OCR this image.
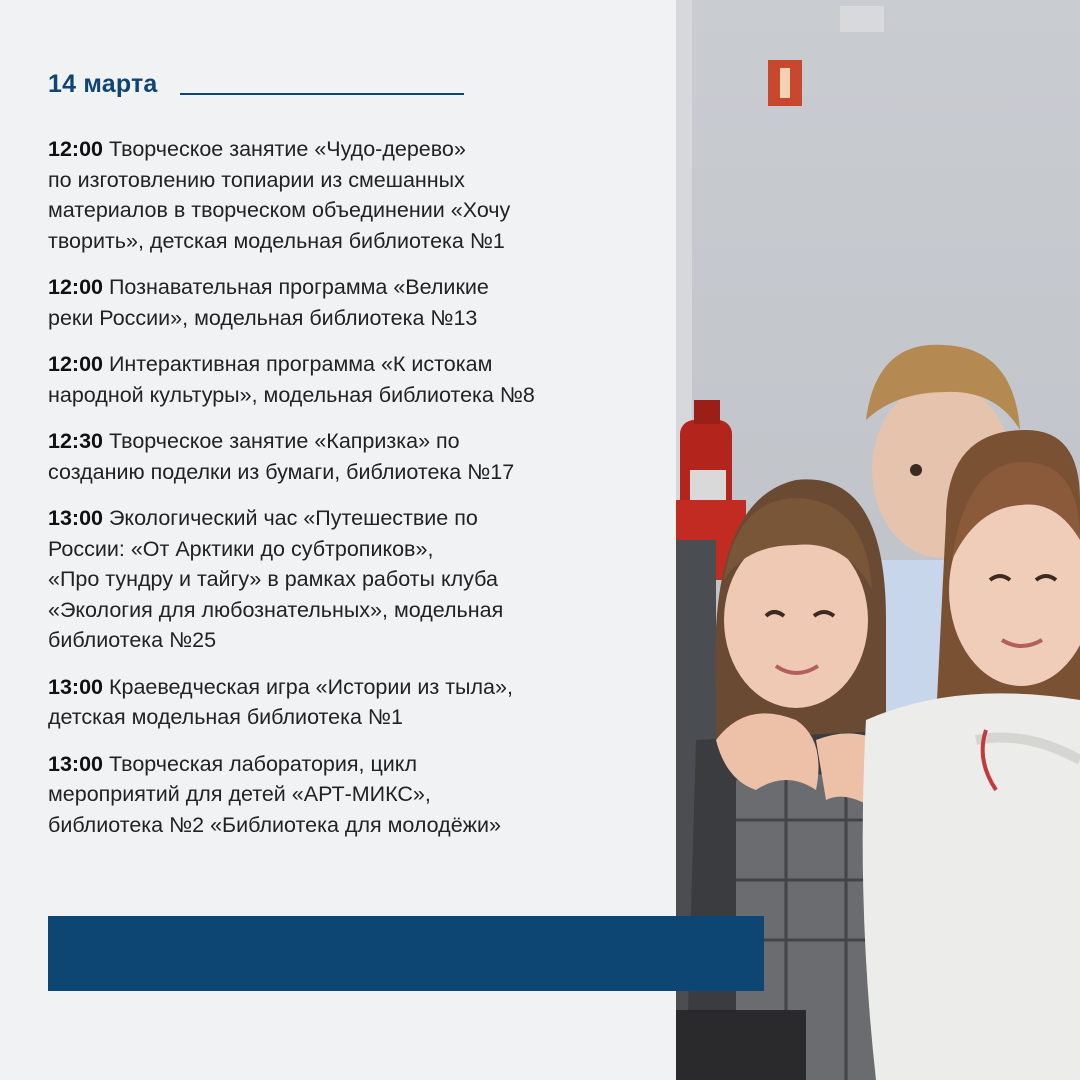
14 марта
12:00 Творческое занятие «Чудо-дерево»
по изготовлению топиарии из смешанных
материалов в творческом объединении «Хочу
творить», детская модельная библиотека №1
12:00 Познавательная программа «Великие
реки России», модельная библиотека №13
12:00 Интерактивная программа «К истокам
народной культуры», модельная библиотека №8
12:30 Творческое занятие «Капризка» по
созданию поделки из бумаги, библиотека №17
13:00 Экологический час «Путешествие по
России: «От Арктики до субтропиков»,
«Про тундру и тайгу» в рамках работы клуба
«Экология для любознательных», модельная
библиотека №25
13:00 Краеведческая игра «Истории из тыла»,
детская модельная библиотека №1
13:00 Творческая лаборатория, цикл
мероприятий для детей «АРТ-МИКС»,
библиотека №2 «Библиотека для молодёжи»
